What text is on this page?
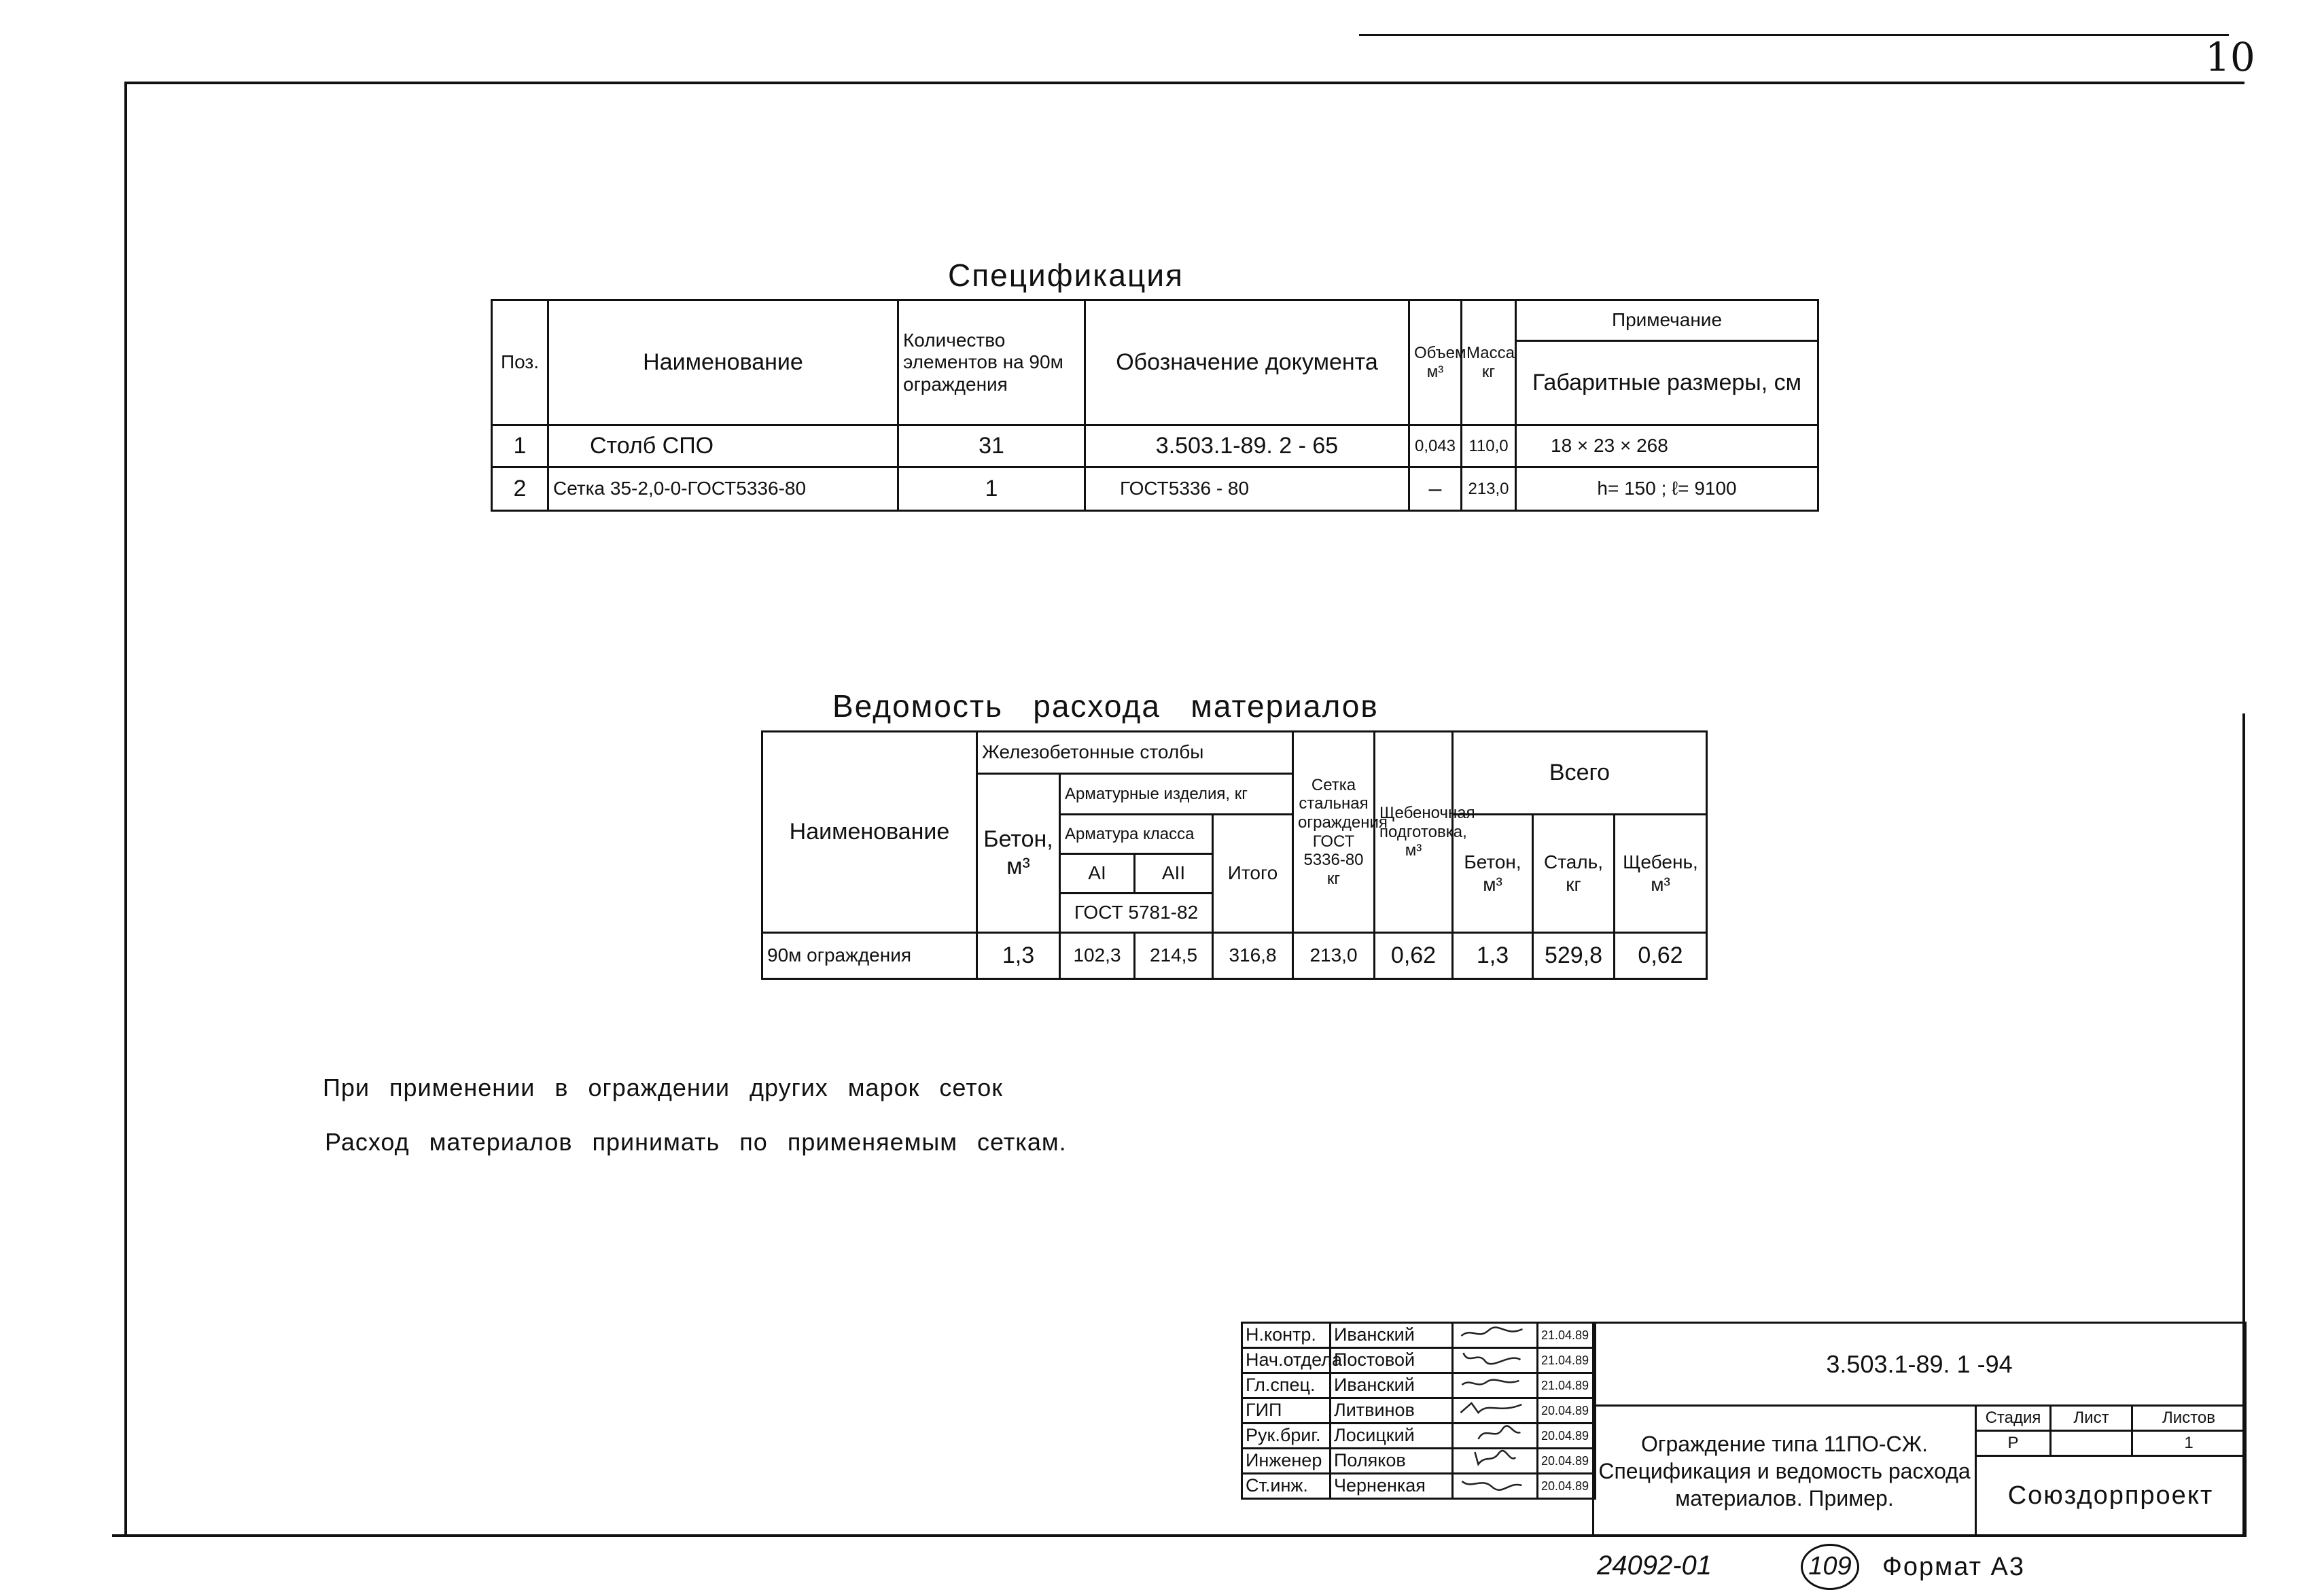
10
Спецификация
Поз.	Наименование	Количество элементов на 90м ограждения	Обозначение документа	Объем м³	Масса кг	Примечание
						Габаритные размеры, см
1	Столб СПО	31	3.503.1-89. 2 - 65	0,043	110,0	18 × 23 × 268
2	Сетка 35-2,0-0-ГОСТ5336-80	1	ГОСТ5336 - 80	–	213,0	h= 150 ; ℓ= 9100
Ведомость   расхода   материалов
Наименование	Железобетонные столбы				Сетка стальная ограждения ГОСТ 5336-80 кг	Щебеночная подготовка, м³	Всего		
	Бетон, м³	Арматурные изделия, кг							
		Арматура класса		Итого			Бетон, м³	Сталь, кг	Щебень, м³
		АI	АII						
		ГОСТ 5781-82							
90м ограждения	1,3	102,3	214,5	316,8	213,0	0,62	1,3	529,8	0,62
При применении в ограждении других марок сеток
Расход материалов принимать по применяемым сеткам.
Н.контр.	Иванский		21.04.89
Нач.отдела	Постовой		21.04.89
Гл.спец.	Иванский		21.04.89
ГИП	Литвинов		20.04.89
Рук.бриг.	Лосицкий		20.04.89
Инженер	Поляков		20.04.89
Ст.инж.	Черненкая		20.04.89
3.503.1-89. 1 -94			
Ограждение типа 11ПО-СЖ. Спецификация и ведомость расхода материалов. Пример.	Стадия	Лист	Листов
	Р		1
	Союздорпроект		
24092-01	109 Формат А3
